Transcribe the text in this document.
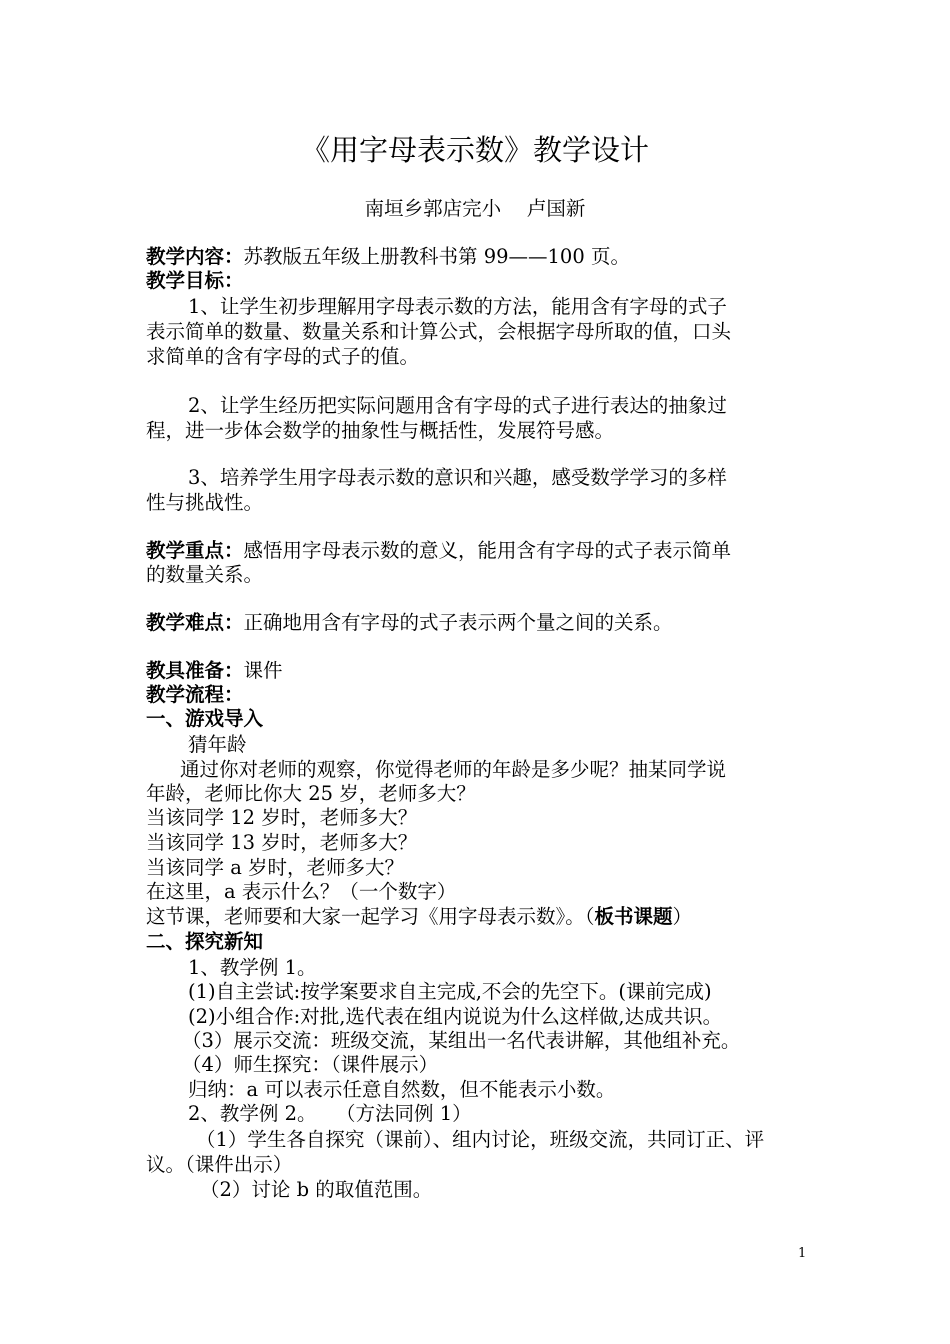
《用字母表示数》教学设计
南垣乡郭店完小　 卢国新
教学内容：苏教版五年级上册教科书第 99——100 页。
教学目标：
1、让学生初步理解用字母表示数的方法，能用含有字母的式子
表示简单的数量、数量关系和计算公式，会根据字母所取的值，口头
求简单的含有字母的式子的值。
2、让学生经历把实际问题用含有字母的式子进行表达的抽象过
程，进一步体会数学的抽象性与概括性，发展符号感。
3、培养学生用字母表示数的意识和兴趣，感受数学学习的多样
性与挑战性。
教学重点：感悟用字母表示数的意义，能用含有字母的式子表示简单
的数量关系。
教学难点：正确地用含有字母的式子表示两个量之间的关系。
教具准备：课件
教学流程：
一、游戏导入
猜年龄
通过你对老师的观察，你觉得老师的年龄是多少呢？抽某同学说
年龄，老师比你大 25 岁，老师多大？
当该同学 12 岁时，老师多大？
当该同学 13 岁时，老师多大？
当该同学 a 岁时，老师多大？
在这里，a 表示什么？（一个数字）
这节课，老师要和大家一起学习《用字母表示数》。（板书课题）
二、探究新知
1、教学例 1。
(1)自主尝试:按学案要求自主完成,不会的先空下。(课前完成)
(2)小组合作:对批,选代表在组内说说为什么这样做,达成共识。
（3）展示交流：班级交流，某组出一名代表讲解，其他组补充。
（4）师生探究：（课件展示）
归纳：a 可以表示任意自然数，但不能表示小数。
2、教学例 2。　　（方法同例 1）
（1）学生各自探究（课前）、组内讨论，班级交流，共同订正、评
议。（课件出示）
（2）讨论 b 的取值范围。
1
